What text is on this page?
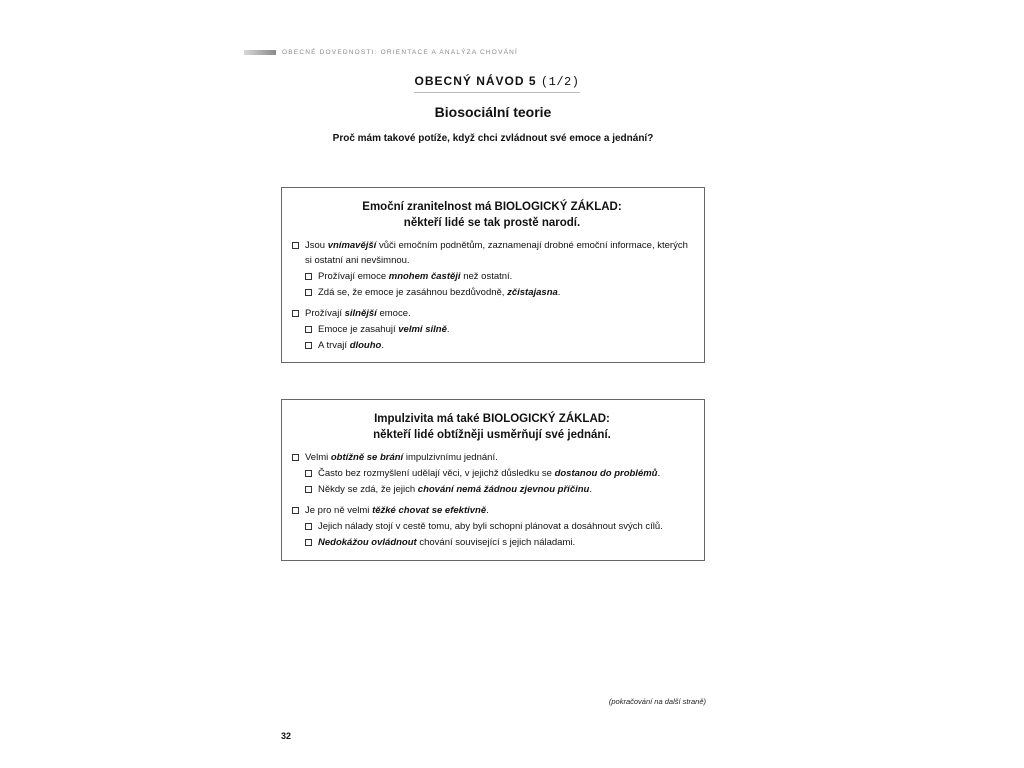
OBECNÉ DOVEDNOSTI: ORIENTACE A ANALÝZA CHOVÁNÍ
OBECNÝ NÁVOD 5 (1/2)
Biosociální teorie
Proč mám takové potíže, když chci zvládnout své emoce a jednání?
Emoční zranitelnost má BIOLOGICKÝ ZÁKLAD:
někteří lidé se tak prostě narodí.
Jsou vnímavější vůči emočním podnětům, zaznamenají drobné emoční informace, kterých si ostatní ani nevšimnou.
Prožívají emoce mnohem častěji než ostatní.
Zdá se, že emoce je zasáhnou bezdůvodně, zčistajasna.
Prožívají silnější emoce.
Emoce je zasahují velmi silně.
A trvají dlouho.
Impulzivita má také BIOLOGICKÝ ZÁKLAD:
někteří lidé obtížněji usměrňují své jednání.
Velmi obtížně se brání impulzivnímu jednání.
Často bez rozmyšlení udělají věci, v jejichž důsledku se dostanou do problémů.
Někdy se zdá, že jejich chování nemá žádnou zjevnou příčinu.
Je pro ně velmi těžké chovat se efektivně.
Jejich nálady stojí v cestě tomu, aby byli schopni plánovat a dosáhnout svých cílů.
Nedokážou ovládnout chování související s jejich náladami.
(pokračování na další straně)
32
